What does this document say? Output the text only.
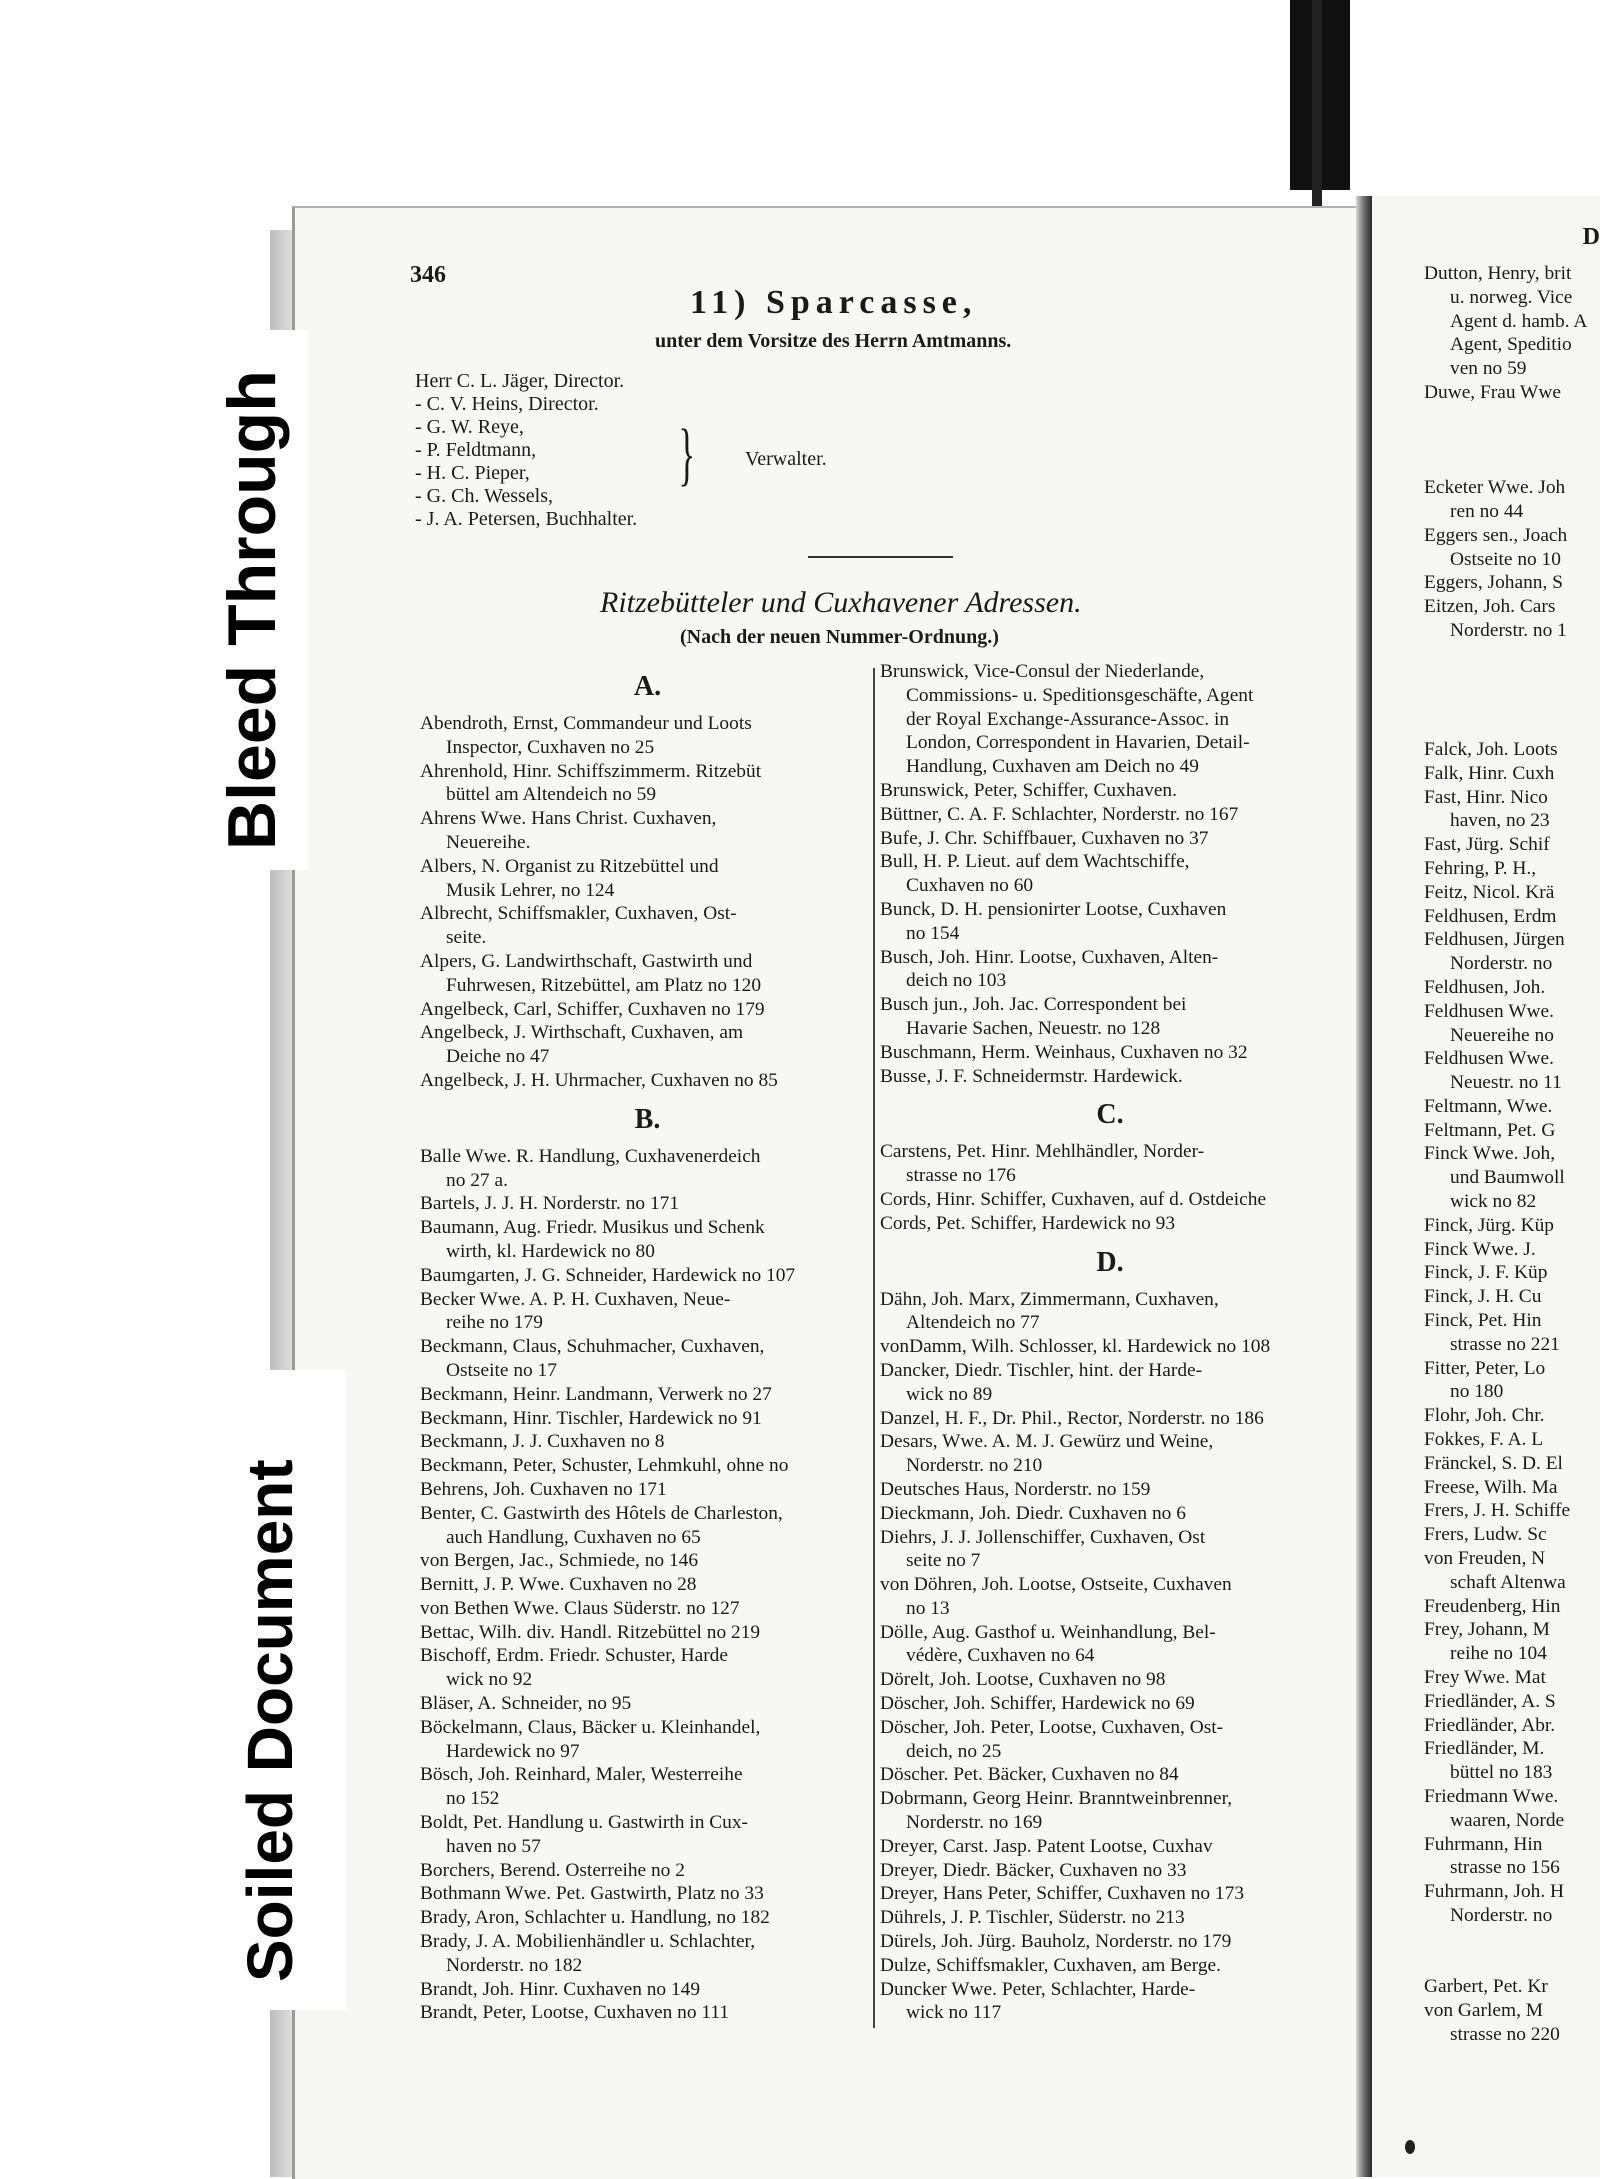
Bleed Through
Soiled Document
346
11) Sparcasse,
unter dem Vorsitze des Herrn Amtmanns.
Herr C. L. Jäger, Director.
- C. V. Heins, Director.
- G. W. Reye,
- P. Feldtmann,
- H. C. Pieper,
- G. Ch. Wessels,
- J. A. Petersen, Buchhalter.
} Verwalter.
Ritzebütteler und Cuxhavener Adressen.
(Nach der neuen Nummer-Ordnung.)
A.
Abendroth, Ernst, Commandeur und Loots
Inspector, Cuxhaven no 25
Ahrenhold, Hinr. Schiffszimmerm. Ritzebüt
büttel am Altendeich no 59
Ahrens Wwe. Hans Christ. Cuxhaven,
Neuereihe.
Albers, N. Organist zu Ritzebüttel und
Musik Lehrer, no 124
Albrecht, Schiffsmakler, Cuxhaven, Ost-
seite.
Alpers, G. Landwirthschaft, Gastwirth und
Fuhrwesen, Ritzebüttel, am Platz no 120
Angelbeck, Carl, Schiffer, Cuxhaven no 179
Angelbeck, J. Wirthschaft, Cuxhaven, am
Deiche no 47
Angelbeck, J. H. Uhrmacher, Cuxhaven no 85
B.
Balle Wwe. R. Handlung, Cuxhavenerdeich
no 27 a.
Bartels, J. J. H. Norderstr. no 171
Baumann, Aug. Friedr. Musikus und Schenk
wirth, kl. Hardewick no 80
Baumgarten, J. G. Schneider, Hardewick no 107
Becker Wwe. A. P. H. Cuxhaven, Neue-
reihe no 179
Beckmann, Claus, Schuhmacher, Cuxhaven,
Ostseite no 17
Beckmann, Heinr. Landmann, Verwerk no 27
Beckmann, Hinr. Tischler, Hardewick no 91
Beckmann, J. J. Cuxhaven no 8
Beckmann, Peter, Schuster, Lehmkuhl, ohne no
Behrens, Joh. Cuxhaven no 171
Benter, C. Gastwirth des Hôtels de Charleston,
auch Handlung, Cuxhaven no 65
von Bergen, Jac., Schmiede, no 146
Bernitt, J. P. Wwe. Cuxhaven no 28
von Bethen Wwe. Claus Süderstr. no 127
Bettac, Wilh. div. Handl. Ritzebüttel no 219
Bischoff, Erdm. Friedr. Schuster, Harde
wick no 92
Bläser, A. Schneider, no 95
Böckelmann, Claus, Bäcker u. Kleinhandel,
Hardewick no 97
Bösch, Joh. Reinhard, Maler, Westerreihe
no 152
Boldt, Pet. Handlung u. Gastwirth in Cux-
haven no 57
Borchers, Berend. Osterreihe no 2
Bothmann Wwe. Pet. Gastwirth, Platz no 33
Brady, Aron, Schlachter u. Handlung, no 182
Brady, J. A. Mobilienhändler u. Schlachter,
Norderstr. no 182
Brandt, Joh. Hinr. Cuxhaven no 149
Brandt, Peter, Lootse, Cuxhaven no 111
Brunswick, Vice-Consul der Niederlande,
Commissions- u. Speditionsgeschäfte, Agent
der Royal Exchange-Assurance-Assoc. in
London, Correspondent in Havarien, Detail-
Handlung, Cuxhaven am Deich no 49
Brunswick, Peter, Schiffer, Cuxhaven.
Büttner, C. A. F. Schlachter, Norderstr. no 167
Bufe, J. Chr. Schiffbauer, Cuxhaven no 37
Bull, H. P. Lieut. auf dem Wachtschiffe,
Cuxhaven no 60
Bunck, D. H. pensionirter Lootse, Cuxhaven
no 154
Busch, Joh. Hinr. Lootse, Cuxhaven, Alten-
deich no 103
Busch jun., Joh. Jac. Correspondent bei
Havarie Sachen, Neuestr. no 128
Buschmann, Herm. Weinhaus, Cuxhaven no 32
Busse, J. F. Schneidermstr. Hardewick.
C.
Carstens, Pet. Hinr. Mehlhändler, Norder-
strasse no 176
Cords, Hinr. Schiffer, Cuxhaven, auf d. Ostdeiche
Cords, Pet. Schiffer, Hardewick no 93
D.
Dähn, Joh. Marx, Zimmermann, Cuxhaven,
Altendeich no 77
vonDamm, Wilh. Schlosser, kl. Hardewick no 108
Dancker, Diedr. Tischler, hint. der Harde-
wick no 89
Danzel, H. F., Dr. Phil., Rector, Norderstr. no 186
Desars, Wwe. A. M. J. Gewürz und Weine,
Norderstr. no 210
Deutsches Haus, Norderstr. no 159
Dieckmann, Joh. Diedr. Cuxhaven no 6
Diehrs, J. J. Jollenschiffer, Cuxhaven, Ost
seite no 7
von Döhren, Joh. Lootse, Ostseite, Cuxhaven
no 13
Dölle, Aug. Gasthof u. Weinhandlung, Bel-
védère, Cuxhaven no 64
Dörelt, Joh. Lootse, Cuxhaven no 98
Döscher, Joh. Schiffer, Hardewick no 69
Döscher, Joh. Peter, Lootse, Cuxhaven, Ost-
deich, no 25
Döscher. Pet. Bäcker, Cuxhaven no 84
Dobrmann, Georg Heinr. Branntweinbrenner,
Norderstr. no 169
Dreyer, Carst. Jasp. Patent Lootse, Cuxhav
Dreyer, Diedr. Bäcker, Cuxhaven no 33
Dreyer, Hans Peter, Schiffer, Cuxhaven no 173
Dührels, J. P. Tischler, Süderstr. no 213
Dürels, Joh. Jürg. Bauholz, Norderstr. no 179
Dulze, Schiffsmakler, Cuxhaven, am Berge.
Duncker Wwe. Peter, Schlachter, Harde-
wick no 117
D
Dutton, Henry, brit
u. norweg. Vice
Agent d. hamb. A
Agent, Speditio
ven no 59
Duwe, Frau Wwe

Ecketer Wwe. Joh
ren no 44
Eggers sen., Joach
Ostseite no 10
Eggers, Johann, S
Eitzen, Joh. Cars
Norderstr. no 1

Falck, Joh. Loots
Falk, Hinr. Cuxh
Fast, Hinr. Nico
haven, no 23
Fast, Jürg. Schif
Fehring, P. H.,
Feitz, Nicol. Krä
Feldhusen, Erdm
Feldhusen, Jürgen
Norderstr. no
Feldhusen, Joh.
Feldhusen Wwe.
Neuereihe no
Feldhusen Wwe.
Neuestr. no 11
Feltmann, Wwe.
Feltmann, Pet. G
Finck Wwe. Joh,
und Baumwoll
wick no 82
Finck, Jürg. Küp
Finck Wwe. J.
Finck, J. F. Küp
Finck, J. H. Cu
Finck, Pet. Hin
strasse no 221
Fitter, Peter, Lo
no 180
Flohr, Joh. Chr.
Fokkes, F. A. L
Fränckel, S. D. El
Freese, Wilh. Ma
Frers, J. H. Schiffe
Frers, Ludw. Sc
von Freuden, N
schaft Altenwa
Freudenberg, Hin
Frey, Johann, M
reihe no 104
Frey Wwe. Mat
Friedländer, A. S
Friedländer, Abr.
Friedländer, M.
büttel no 183
Friedmann Wwe.
waaren, Norde
Fuhrmann, Hin
strasse no 156
Fuhrmann, Joh. H
Norderstr. no

Garbert, Pet. Kr
von Garlem, M
strasse no 220
